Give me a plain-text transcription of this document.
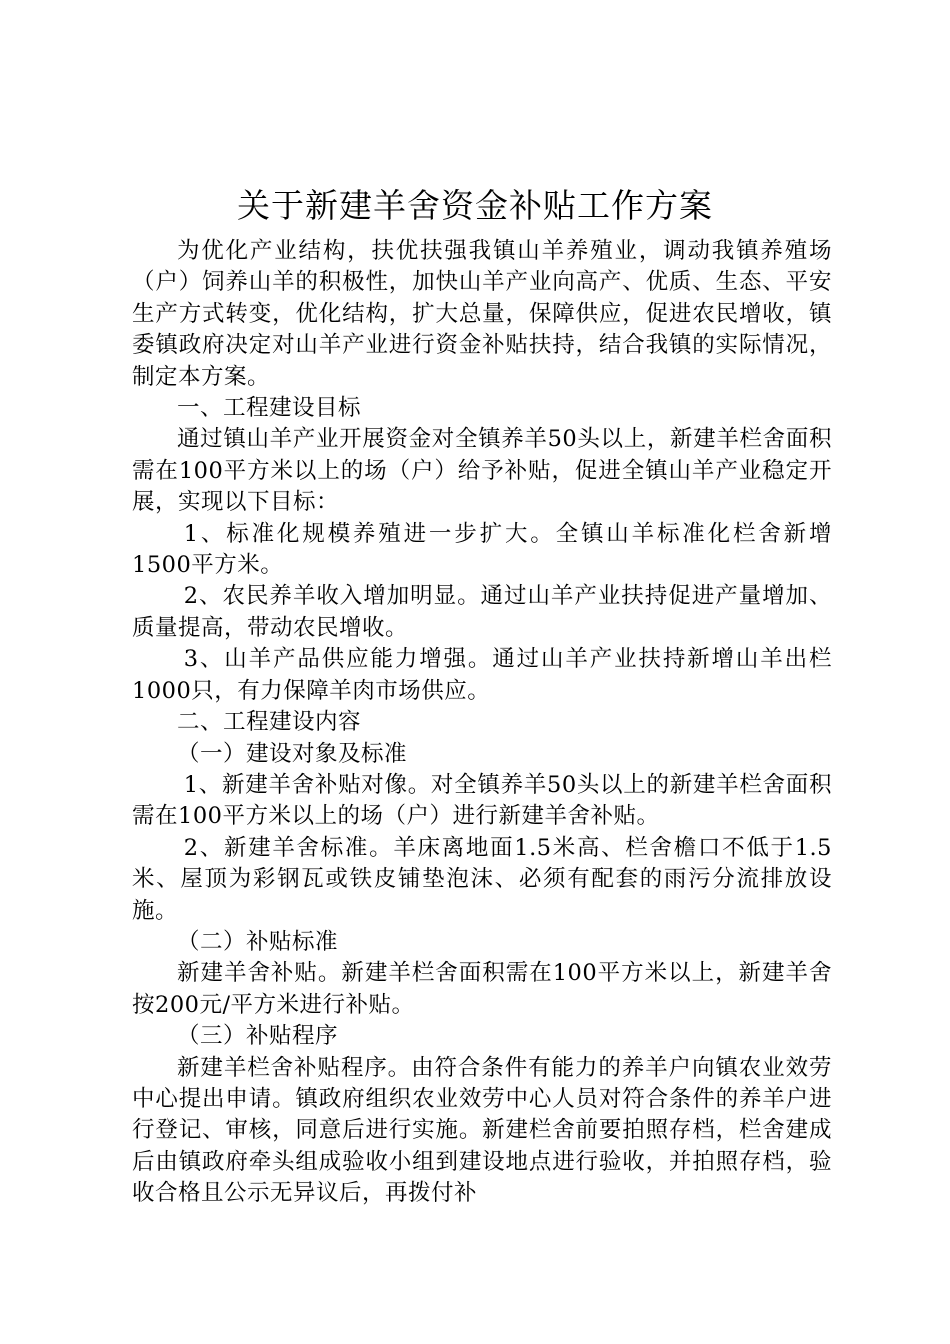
关于新建羊舍资金补贴工作方案

为优化产业结构，扶优扶强我镇山羊养殖业，调动我镇养殖场（户）饲养山羊的积极性，加快山羊产业向高产、优质、生态、平安生产方式转变，优化结构，扩大总量，保障供应，促进农民增收，镇委镇政府决定对山羊产业进行资金补贴扶持，结合我镇的实际情况，制定本方案。

一、工程建设目标

通过镇山羊产业开展资金对全镇养羊50头以上，新建羊栏舍面积需在100平方米以上的场（户）给予补贴，促进全镇山羊产业稳定开展，实现以下目标：

1、标准化规模养殖进一步扩大。全镇山羊标准化栏舍新增1500平方米。

2、农民养羊收入增加明显。通过山羊产业扶持促进产量增加、质量提高，带动农民增收。

3、山羊产品供应能力增强。通过山羊产业扶持新增山羊出栏1000只，有力保障羊肉市场供应。

二、工程建设内容

（一）建设对象及标准

1、新建羊舍补贴对像。对全镇养羊50头以上的新建羊栏舍面积需在100平方米以上的场（户）进行新建羊舍补贴。

2、新建羊舍标准。羊床离地面1.5米高、栏舍檐口不低于1.5米、屋顶为彩钢瓦或铁皮铺垫泡沫、必须有配套的雨污分流排放设施。

（二）补贴标准

新建羊舍补贴。新建羊栏舍面积需在100平方米以上，新建羊舍按200元/平方米进行补贴。

（三）补贴程序

新建羊栏舍补贴程序。由符合条件有能力的养羊户向镇农业效劳中心提出申请。镇政府组织农业效劳中心人员对符合条件的养羊户进行登记、审核，同意后进行实施。新建栏舍前要拍照存档，栏舍建成后由镇政府牵头组成验收小组到建设地点进行验收，并拍照存档，验收合格且公示无异议后，再拨付补
